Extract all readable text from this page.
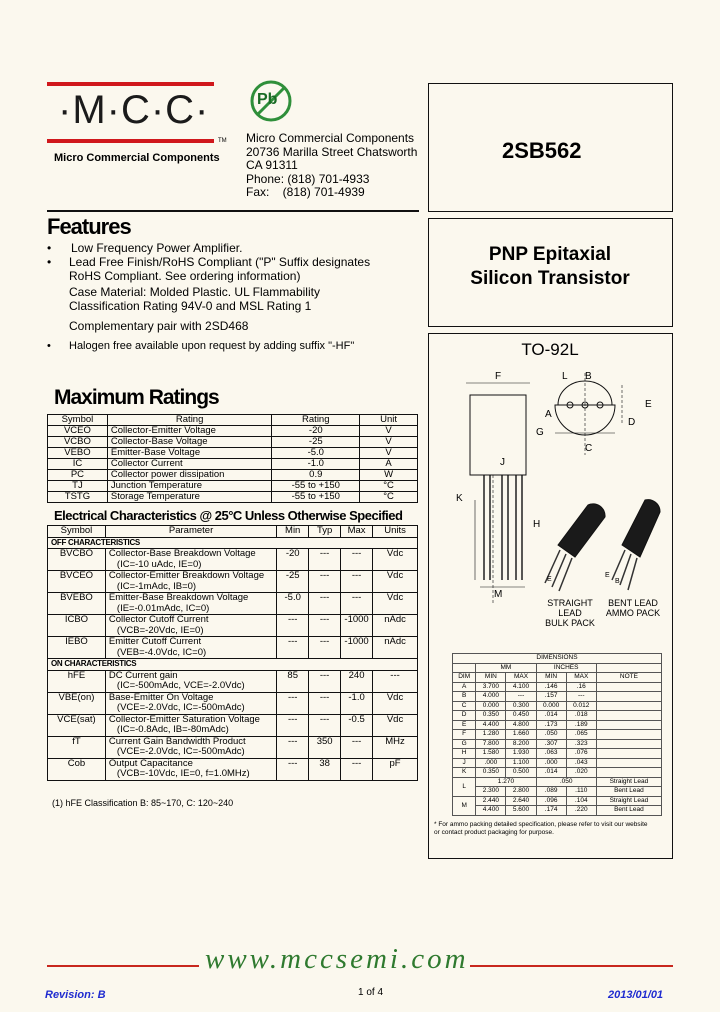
·M·C·C·
Micro Commercial Components
TM
Pb
Micro Commercial Components
20736 Marilla Street Chatsworth
CA 91311
Phone: (818) 701-4933
Fax:    (818) 701-4939
2SB562
PNP Epitaxial
Silicon Transistor
TO-92L
Features
• Low Frequency Power Amplifier.
• Lead Free Finish/RoHS Compliant ("P" Suffix designates
RoHS Compliant. See ordering information)
Case Material: Molded Plastic. UL Flammability
Classification Rating 94V-0 and MSL Rating 1
Complementary pair with 2SD468
• Halogen free available upon request by adding suffix "-HF"
Maximum Ratings
Symbol	Rating	Rating	Unit
VCEO	Collector-Emitter Voltage	-20	V
VCBO	Collector-Base Voltage	-25	V
VEBO	Emitter-Base Voltage	-5.0	V
IC	Collector Current	-1.0	A
PC	Collector power dissipation	0.9	W
TJ	Junction Temperature	-55 to +150	°C
TSTG	Storage Temperature	-55 to +150	°C
Electrical Characteristics @ 25°C Unless Otherwise Specified
Symbol	Parameter	Min	Typ	Max	Units
OFF CHARACTERISTICS					
BVCBO	Collector-Base Breakdown Voltage
(IC=-10 uAdc, IE=0)	-20	---	---	Vdc
BVCEO	Collector-Emitter Breakdown Voltage
(IC=-1mAdc, IB=0)	-25	---	---	Vdc
BVEBO	Emitter-Base Breakdown Voltage
(IE=-0.01mAdc, IC=0)	-5.0	---	---	Vdc
ICBO	Collector Cutoff Current
(VCB=-20Vdc, IE=0)	---	---	-1000	nAdc
IEBO	Emitter Cutoff Current
(VEB=-4.0Vdc, IC=0)	---	---	-1000	nAdc
ON CHARACTERISTICS					
hFE	DC Current gain
(IC=-500mAdc, VCE=-2.0Vdc)	85	---	240	---
VBE(on)	Base-Emitter On Voltage
(VCE=-2.0Vdc, IC=-500mAdc)	---	---	-1.0	Vdc
VCE(sat)	Collector-Emitter Saturation Voltage
(IC=-0.8Adc, IB=-80mAdc)	---	---	-0.5	Vdc
fT	Current Gain Bandwidth Product
(VCE=-2.0Vdc, IC=-500mAdc)	---	350	---	MHz
Cob	Output Capacitance
(VCB=-10Vdc, IE=0, f=1.0MHz)	---	38	---	pF
(1) hFE Classification B: 85~170, C: 120~240
F	L B
E
A
C
D
G
K
H
M
J
E
E
B
STRAIGHT LEAD
BULK PACK
BENT LEAD
AMMO PACK
DIMENSIONS					
	MM		INCHES		
DIM	MIN	MAX	MIN	MAX	NOTE
A	3.700	4.100	.146	.16	
B	4.000	---	.157	---	
C	0.000	0.300	0.000	0.012	
D	0.350	0.450	.014	.018	
E	4.400	4.800	.173	.189	
F	1.280	1.660	.050	.065	
G	7.800	8.200	.307	.323	
H	1.580	1.930	.063	.076	
J	.000	1.100	.000	.043	
K	0.350	0.500	.014	.020	
L	1.270		.050		Straight Lead
	2.300	2.800	.089	.110	Bent Lead
M	2.440	2.640	.096	.104	Straight Lead
	4.400	5.600	.174	.220	Bent Lead
* For ammo packing detailed specification, please refer to visit our website
or contact product packaging for purpose.
www.mccsemi.com
Revision: B	1 of 4	2013/01/01
